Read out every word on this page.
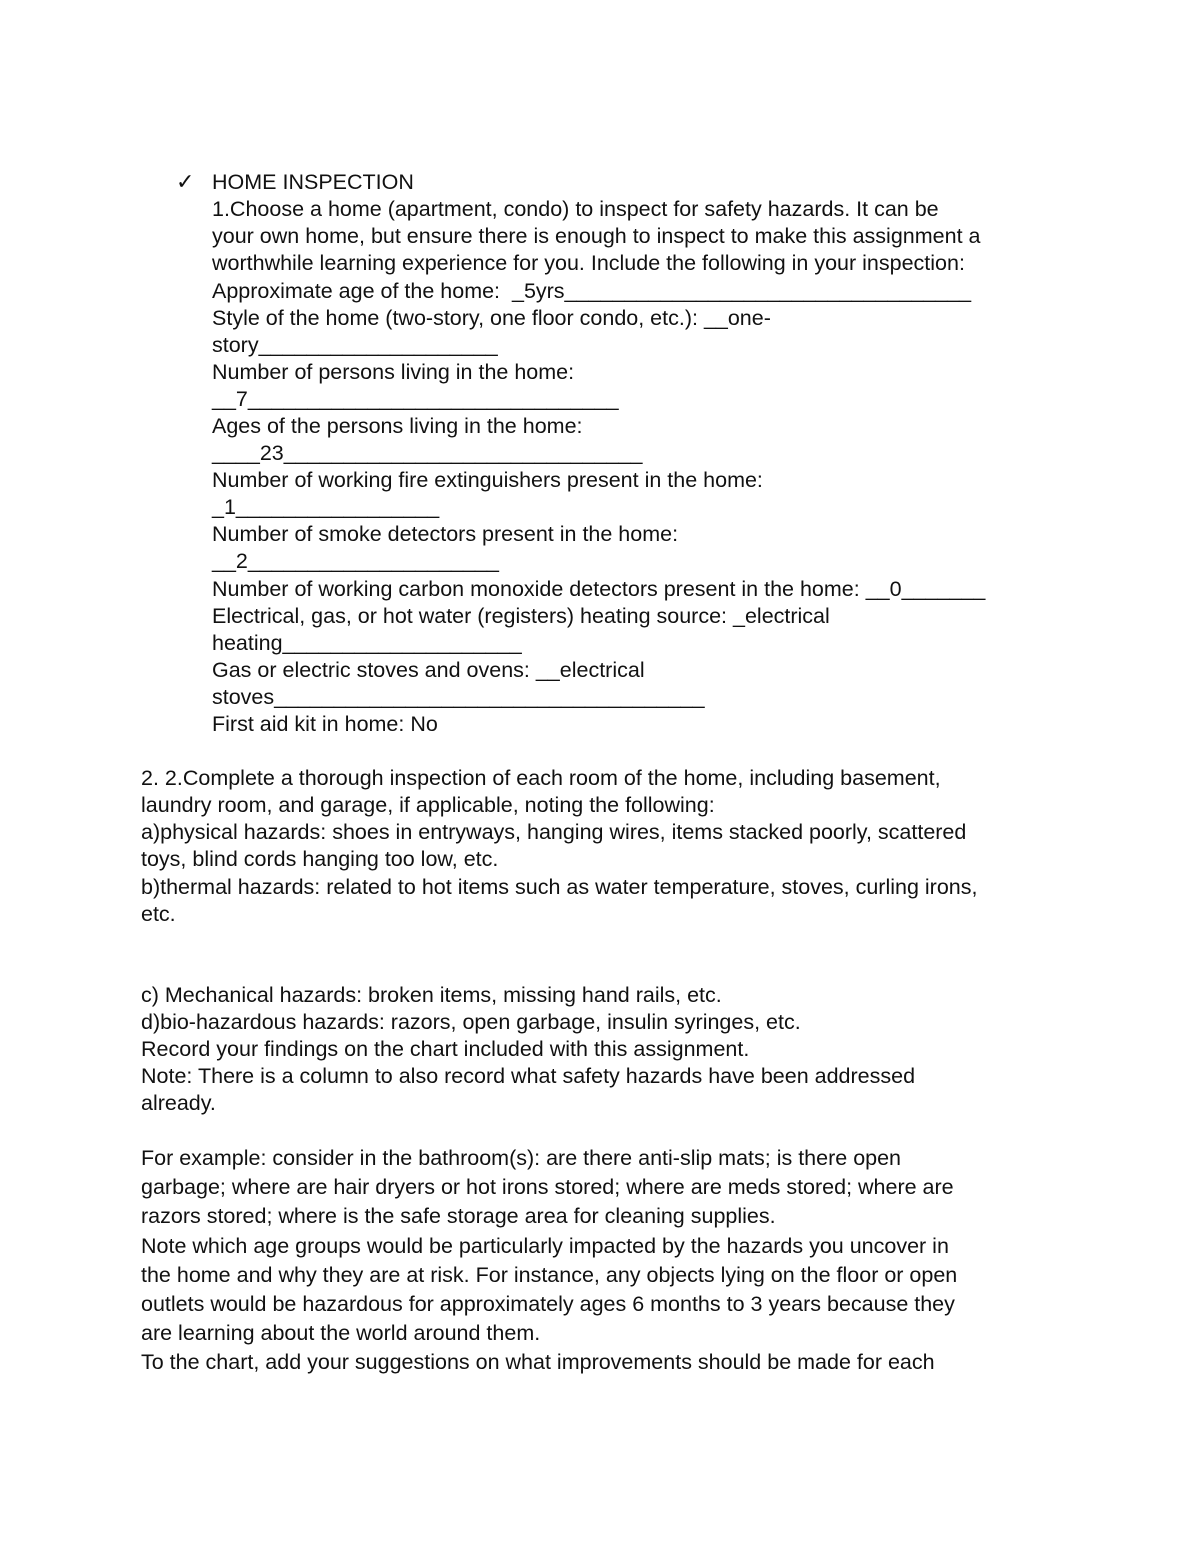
✓ HOME INSPECTION
1.Choose a home (apartment, condo) to inspect for safety hazards. It can be
your own home, but ensure there is enough to inspect to make this assignment a
worthwhile learning experience for you. Include the following in your inspection:
Approximate age of the home:  _5yrs__________________________________
Style of the home (two-story, one floor condo, etc.): __one-
story____________________
Number of persons living in the home:
__7_______________________________
Ages of the persons living in the home:
____23______________________________
Number of working fire extinguishers present in the home:
_1_________________
Number of smoke detectors present in the home:
__2_____________________
Number of working carbon monoxide detectors present in the home: __0_______
Electrical, gas, or hot water (registers) heating source: _electrical
heating____________________
Gas or electric stoves and ovens: __electrical
stoves____________________________________
First aid kit in home: No
2. 2.Complete a thorough inspection of each room of the home, including basement,
laundry room, and garage, if applicable, noting the following:
a)physical hazards: shoes in entryways, hanging wires, items stacked poorly, scattered
toys, blind cords hanging too low, etc.
b)thermal hazards: related to hot items such as water temperature, stoves, curling irons,
etc.
c) Mechanical hazards: broken items, missing hand rails, etc.
d)bio-hazardous hazards: razors, open garbage, insulin syringes, etc.
Record your findings on the chart included with this assignment.
Note: There is a column to also record what safety hazards have been addressed
already.
For example: consider in the bathroom(s): are there anti-slip mats; is there open
garbage; where are hair dryers or hot irons stored; where are meds stored; where are
razors stored; where is the safe storage area for cleaning supplies.
Note which age groups would be particularly impacted by the hazards you uncover in
the home and why they are at risk. For instance, any objects lying on the floor or open
outlets would be hazardous for approximately ages 6 months to 3 years because they
are learning about the world around them.
To the chart, add your suggestions on what improvements should be made for each
